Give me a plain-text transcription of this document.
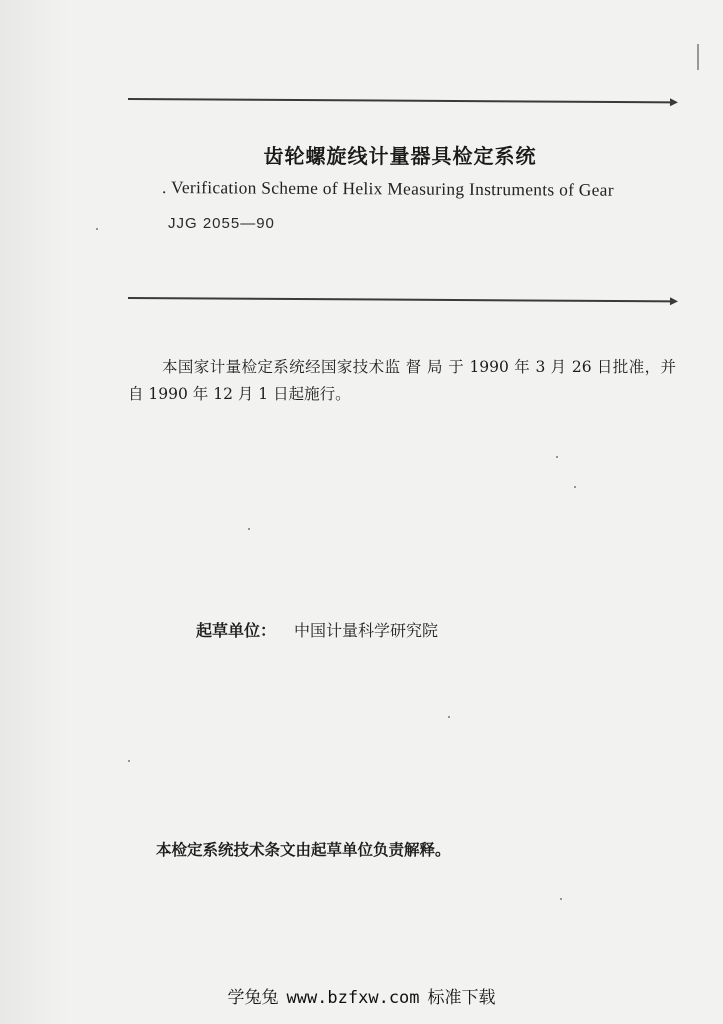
齿轮螺旋线计量器具检定系统
. Verification Scheme of Helix Measuring Instruments of Gear
JJG 2055—90
本国家计量检定系统经国家技术监 督 局 于 1990 年 3 月 26 日批准，并自 1990 年 12 月 1 日起施行。
起草单位： 中国计量科学研究院
本检定系统技术条文由起草单位负责解释。
学兔兔 www.bzfxw.com 标准下载
